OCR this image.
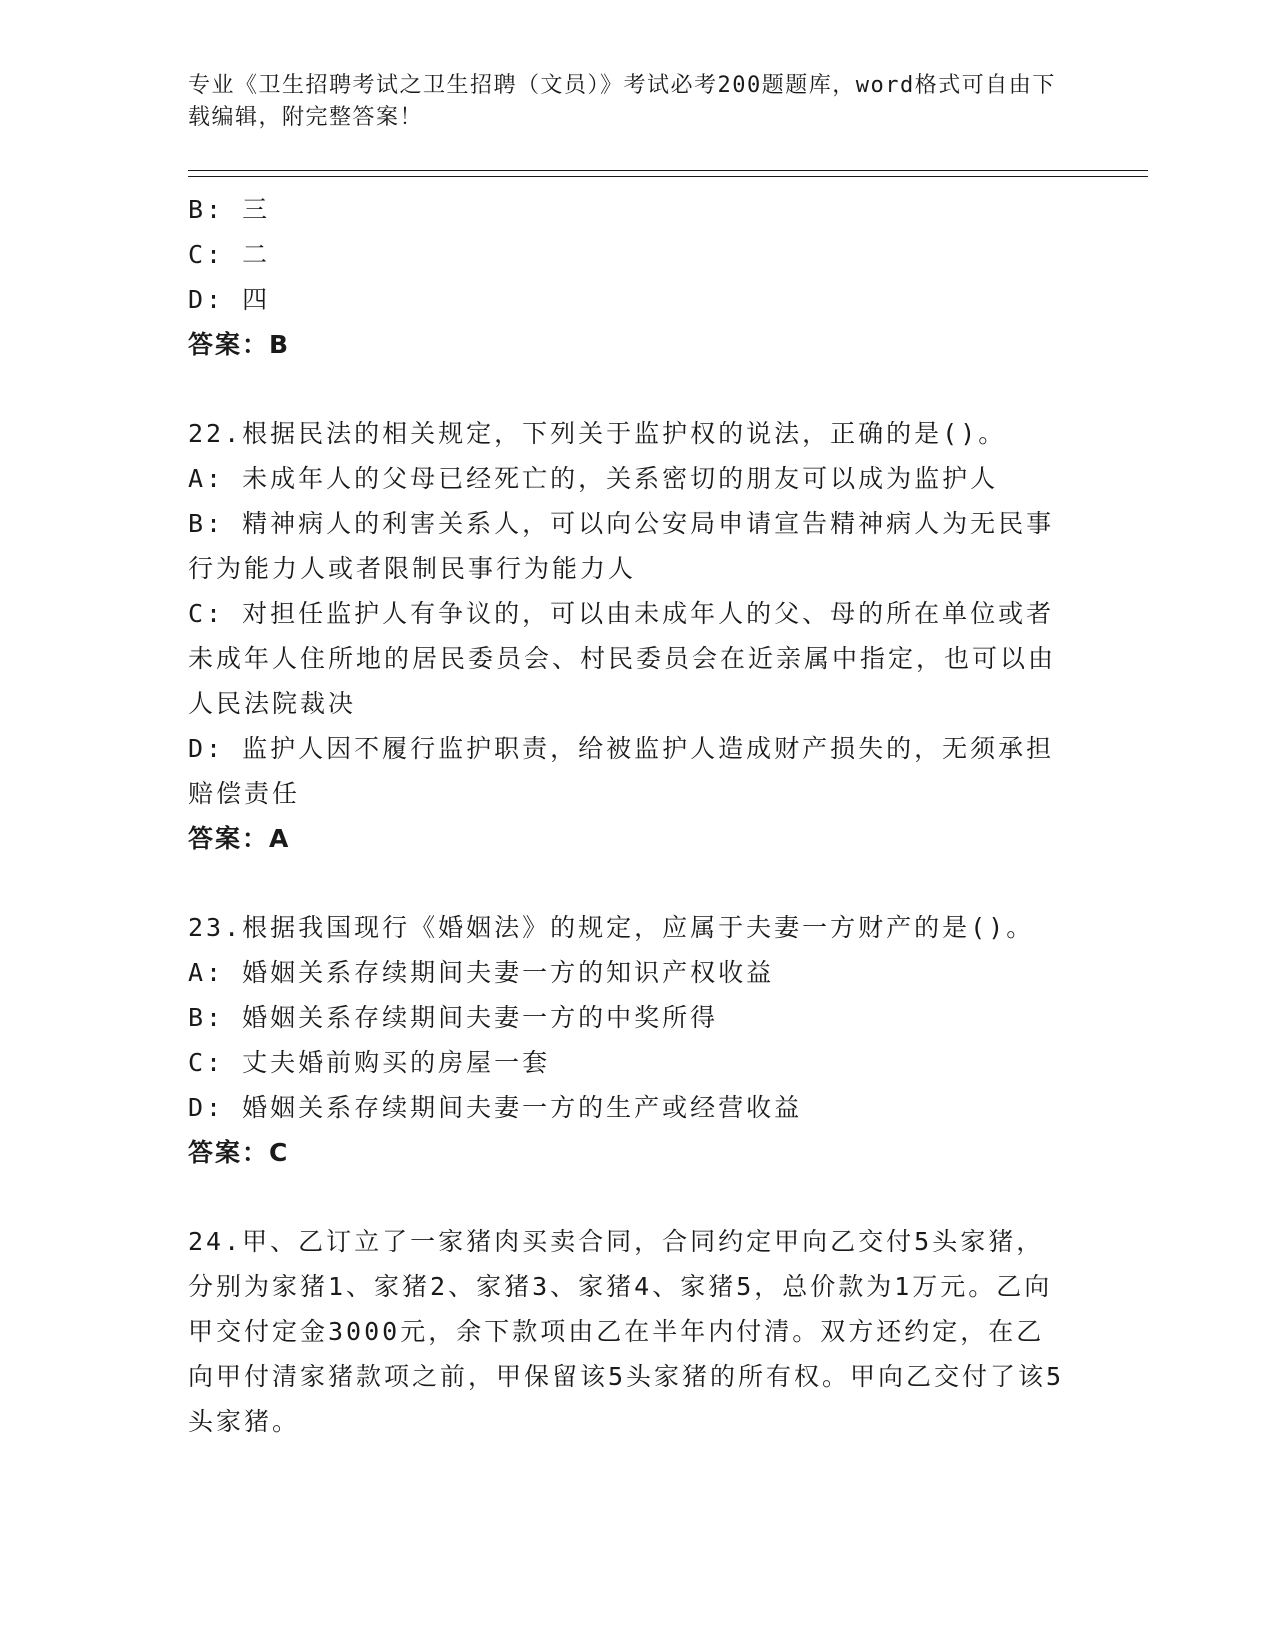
专业《卫生招聘考试之卫生招聘（文员）》考试必考200题题库，word格式可自由下载编辑，附完整答案！

B: 三

C: 二

D: 四

答案：B

22.根据民法的相关规定，下列关于监护权的说法，正确的是()。

A: 未成年人的父母已经死亡的，关系密切的朋友可以成为监护人

B: 精神病人的利害关系人，可以向公安局申请宣告精神病人为无民事行为能力人或者限制民事行为能力人

C: 对担任监护人有争议的，可以由未成年人的父、母的所在单位或者未成年人住所地的居民委员会、村民委员会在近亲属中指定，也可以由人民法院裁决

D: 监护人因不履行监护职责，给被监护人造成财产损失的，无须承担赔偿责任

答案：A

23.根据我国现行《婚姻法》的规定，应属于夫妻一方财产的是()。

A: 婚姻关系存续期间夫妻一方的知识产权收益

B: 婚姻关系存续期间夫妻一方的中奖所得

C: 丈夫婚前购买的房屋一套

D: 婚姻关系存续期间夫妻一方的生产或经营收益

答案：C

24.甲、乙订立了一家猪肉买卖合同，合同约定甲向乙交付5头家猪，分别为家猪1、家猪2、家猪3、家猪4、家猪5，总价款为1万元。乙向甲交付定金3000元，余下款项由乙在半年内付清。双方还约定，在乙向甲付清家猪款项之前，甲保留该5头家猪的所有权。甲向乙交付了该5头家猪。
